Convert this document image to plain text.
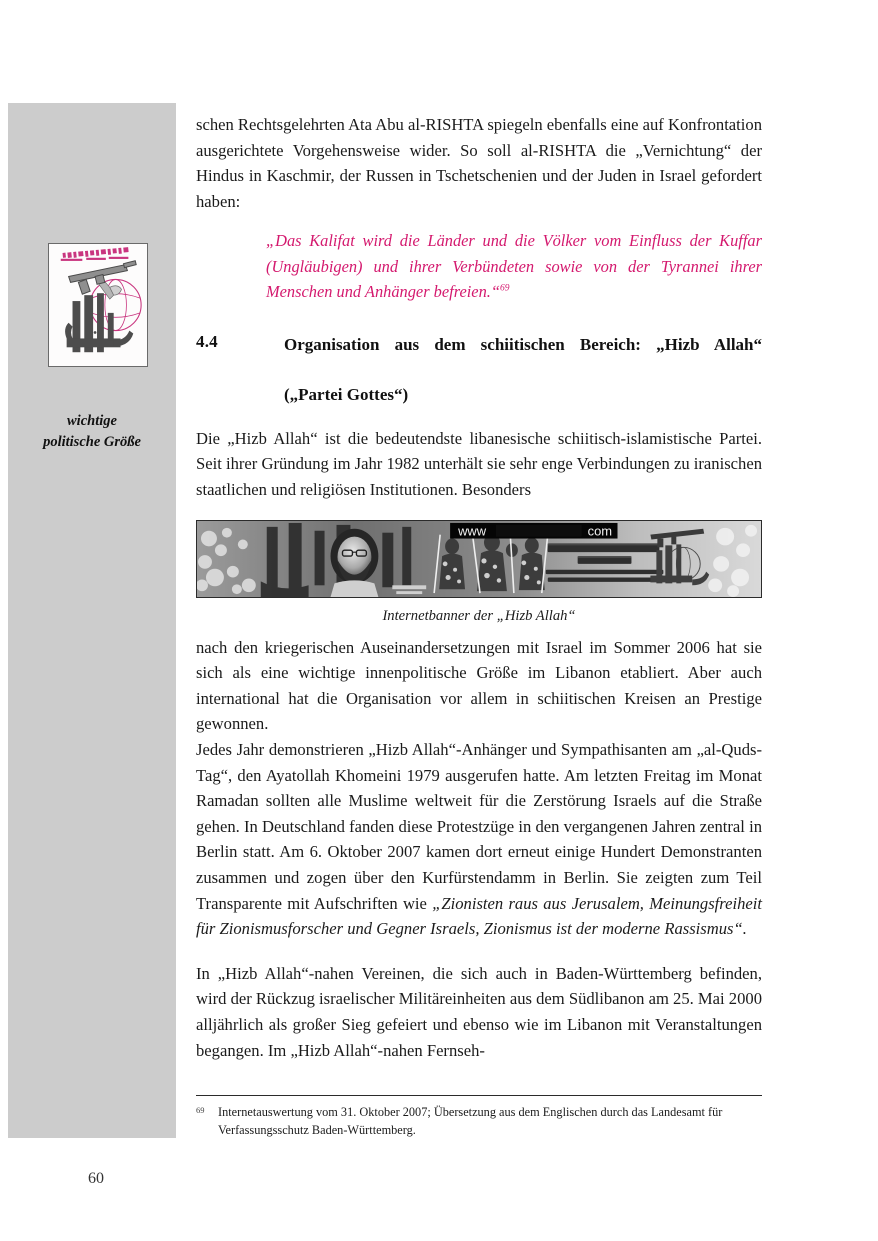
wichtige
politische Größe
60

schen Rechtsgelehrten Ata Abu al-RISHTA spiegeln ebenfalls eine auf Konfrontation ausgerichtete Vorgehensweise wider. So soll al-RISHTA die „Vernichtung“ der Hindus in Kaschmir, der Russen in Tschetschenien und der Juden in Israel gefordert haben:

„Das Kalifat wird die Länder und die Völker vom Einfluss der Kuffar (Ungläubigen) und ihrer Verbündeten sowie von der Tyrannei ihrer Menschen und Anhänger befreien.“$^{69}$

4.4	Organisation aus dem schiitischen Bereich: „Hizb Allah“
(„Partei Gottes“)

Die „Hizb Allah“ ist die bedeutendste libanesische schiitisch-islamistische Partei. Seit ihrer Gründung im Jahr 1982 unterhält sie sehr enge Verbindungen zu iranischen staatlichen und religiösen Institutionen. Besonders

www	com
Internetbanner der „Hizb Allah“

nach den kriegerischen Auseinandersetzungen mit Israel im Sommer 2006 hat sie sich als eine wichtige innenpolitische Größe im Libanon etabliert. Aber auch international hat die Organisation vor allem in schiitischen Kreisen an Prestige gewonnen.

Jedes Jahr demonstrieren „Hizb Allah“-Anhänger und Sympathisanten am „al-Quds-Tag“, den Ayatollah Khomeini 1979 ausgerufen hatte. Am letzten Freitag im Monat Ramadan sollten alle Muslime weltweit für die Zerstörung Israels auf die Straße gehen. In Deutschland fanden diese Protestzüge in den vergangenen Jahren zentral in Berlin statt. Am 6. Oktober 2007 kamen dort erneut einige Hundert Demonstranten zusammen und zogen über den Kurfürstendamm in Berlin. Sie zeigten zum Teil Transparente mit Aufschriften wie „Zionisten raus aus Jerusalem, Meinungsfreiheit für Zionismusforscher und Gegner Israels, Zionismus ist der moderne Rassismus“.

In „Hizb Allah“-nahen Vereinen, die sich auch in Baden-Württemberg befinden, wird der Rückzug israelischer Militäreinheiten aus dem Südlibanon am 25. Mai 2000 alljährlich als großer Sieg gefeiert und ebenso wie im Libanon mit Veranstaltungen begangen. Im „Hizb Allah“-nahen Fernseh-

69	Internetauswertung vom 31. Oktober 2007; Übersetzung aus dem Englischen durch das Landesamt für Verfassungsschutz Baden-Württemberg.
